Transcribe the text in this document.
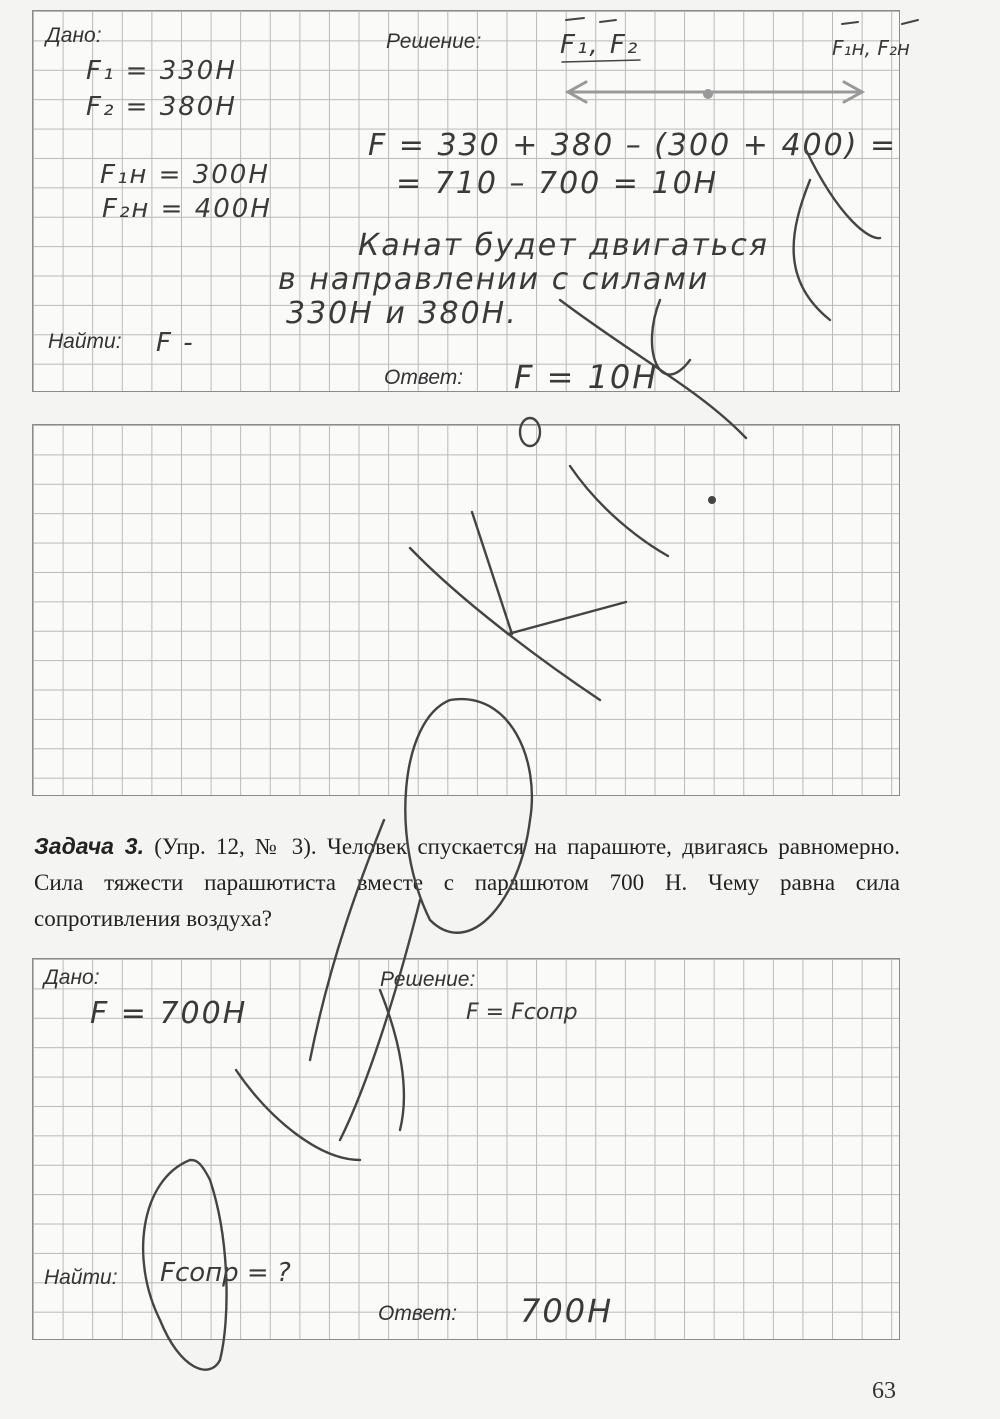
Дано:	Решение:
Найти:
Ответ:
F₁ = 330Н
F₂ = 380Н
F₁н = 300Н
F₂н = 400Н
F₁, F₂	F₁н, F₂н
F = 330 + 380 – (300 + 400) =
= 710 – 700 = 10Н
Канат будет двигаться
в направлении с силами
330Н и 380Н.
F -
F = 10Н
Задача 3. (Упр. 12, № 3). Человек спускается на парашюте, двигаясь равномерно. Сила тяжести парашютиста вместе с парашютом 700 Н. Чему равна сила сопротивления воздуха?
Дано:	Решение:
Найти:
Ответ:
F = 700Н	F = Fсопр
Fсопр = ?
700Н
63
